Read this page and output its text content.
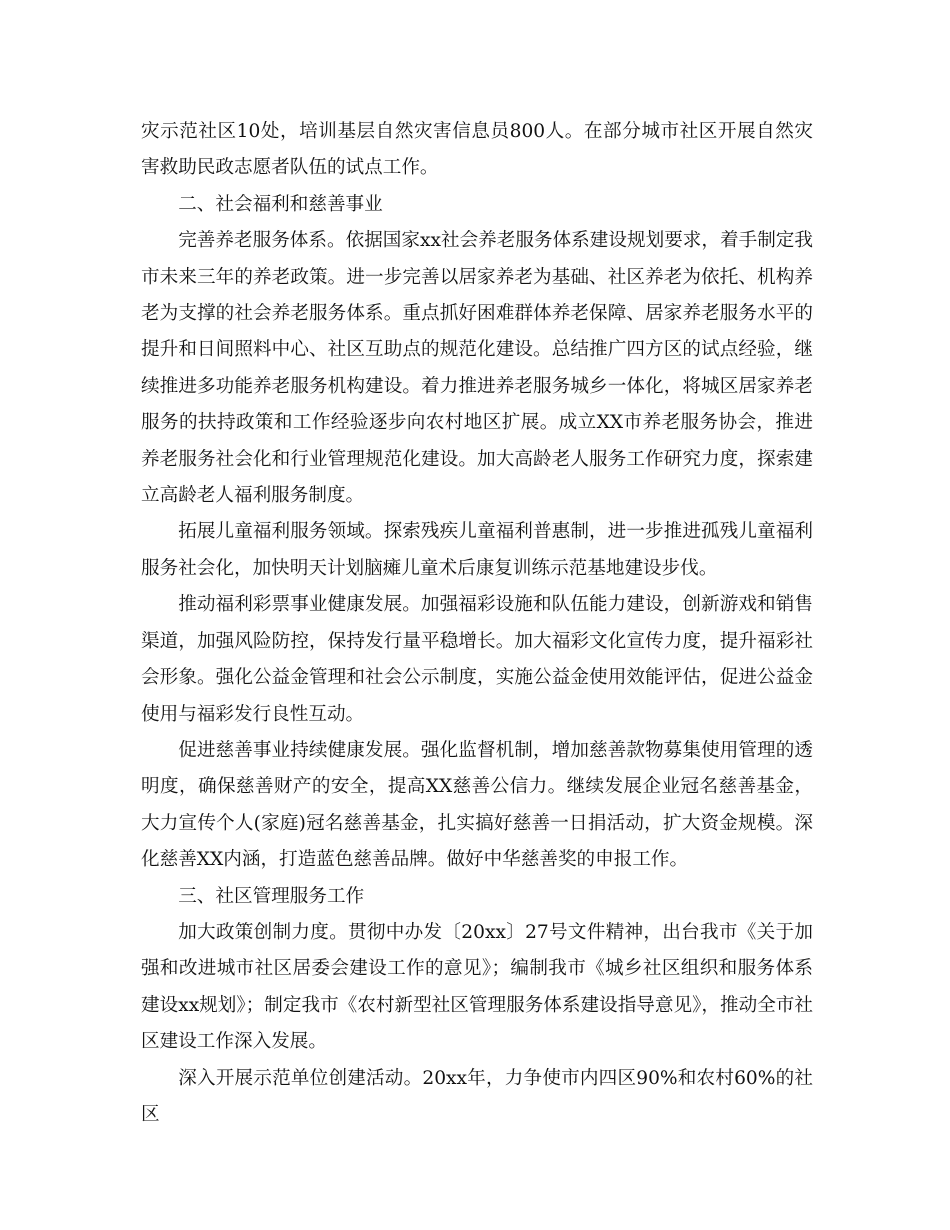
灾示范社区10处，培训基层自然灾害信息员800人。在部分城市社区开展自然灾害救助民政志愿者队伍的试点工作。

二、社会福利和慈善事业

完善养老服务体系。依据国家xx社会养老服务体系建设规划要求，着手制定我市未来三年的养老政策。进一步完善以居家养老为基础、社区养老为依托、机构养老为支撑的社会养老服务体系。重点抓好困难群体养老保障、居家养老服务水平的提升和日间照料中心、社区互助点的规范化建设。总结推广四方区的试点经验，继续推进多功能养老服务机构建设。着力推进养老服务城乡一体化，将城区居家养老服务的扶持政策和工作经验逐步向农村地区扩展。成立XX市养老服务协会，推进养老服务社会化和行业管理规范化建设。加大高龄老人服务工作研究力度，探索建立高龄老人福利服务制度。

拓展儿童福利服务领域。探索残疾儿童福利普惠制，进一步推进孤残儿童福利服务社会化，加快明天计划脑瘫儿童术后康复训练示范基地建设步伐。

推动福利彩票事业健康发展。加强福彩设施和队伍能力建设，创新游戏和销售渠道，加强风险防控，保持发行量平稳增长。加大福彩文化宣传力度，提升福彩社会形象。强化公益金管理和社会公示制度，实施公益金使用效能评估，促进公益金使用与福彩发行良性互动。

促进慈善事业持续健康发展。强化监督机制，增加慈善款物募集使用管理的透明度，确保慈善财产的安全，提高XX慈善公信力。继续发展企业冠名慈善基金，大力宣传个人(家庭)冠名慈善基金，扎实搞好慈善一日捐活动，扩大资金规模。深化慈善XX内涵，打造蓝色慈善品牌。做好中华慈善奖的申报工作。

三、社区管理服务工作

加大政策创制力度。贯彻中办发〔20xx〕27号文件精神，出台我市《关于加强和改进城市社区居委会建设工作的意见》；编制我市《城乡社区组织和服务体系建设xx规划》；制定我市《农村新型社区管理服务体系建设指导意见》，推动全市社区建设工作深入发展。

深入开展示范单位创建活动。20xx年，力争使市内四区90%和农村60%的社区
